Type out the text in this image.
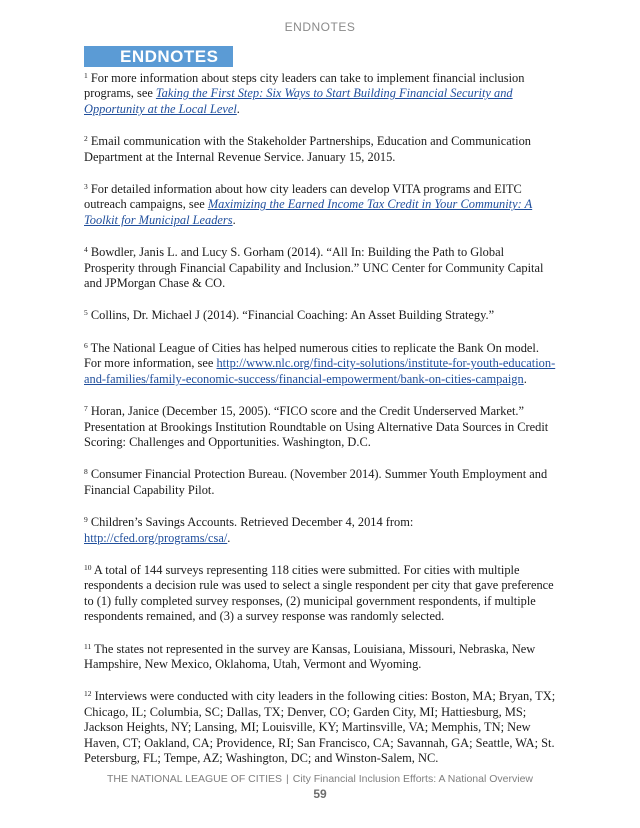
ENDNOTES
ENDNOTES

$^1$ For more information about steps city leaders can take to implement financial inclusion programs, see Taking the First Step: Six Ways to Start Building Financial Security and Opportunity at the Local Level.

$^2$ Email communication with the Stakeholder Partnerships, Education and Communication Department at the Internal Revenue Service. January 15, 2015.

$^3$ For detailed information about how city leaders can develop VITA programs and EITC outreach campaigns, see Maximizing the Earned Income Tax Credit in Your Community: A Toolkit for Municipal Leaders.

$^4$ Bowdler, Janis L. and Lucy S. Gorham (2014). “All In: Building the Path to Global Prosperity through Financial Capability and Inclusion.” UNC Center for Community Capital and JPMorgan Chase & CO.

$^5$ Collins, Dr. Michael J (2014). “Financial Coaching: An Asset Building Strategy.”

$^6$ The National League of Cities has helped numerous cities to replicate the Bank On model. For more information, see http://www.nlc.org/find-city-solutions/institute-for-youth-education-and-families/family-economic-success/financial-empowerment/bank-on-cities-campaign.

$^7$ Horan, Janice (December 15, 2005). “FICO score and the Credit Underserved Market.” Presentation at Brookings Institution Roundtable on Using Alternative Data Sources in Credit Scoring: Challenges and Opportunities. Washington, D.C.

$^8$ Consumer Financial Protection Bureau. (November 2014). Summer Youth Employment and Financial Capability Pilot.

$^9$ Children’s Savings Accounts. Retrieved December 4, 2014 from: http://cfed.org/programs/csa/.

$^{10}$ A total of 144 surveys representing 118 cities were submitted. For cities with multiple respondents a decision rule was used to select a single respondent per city that gave preference to (1) fully completed survey responses, (2) municipal government respondents, if multiple respondents remained, and (3) a survey response was randomly selected.

$^{11}$ The states not represented in the survey are Kansas, Louisiana, Missouri, Nebraska, New Hampshire, New Mexico, Oklahoma, Utah, Vermont and Wyoming.

$^{12}$ Interviews were conducted with city leaders in the following cities: Boston, MA; Bryan, TX; Chicago, IL; Columbia, SC; Dallas, TX; Denver, CO; Garden City, MI; Hattiesburg, MS; Jackson Heights, NY; Lansing, MI; Louisville, KY; Martinsville, VA; Memphis, TN; New Haven, CT; Oakland, CA; Providence, RI; San Francisco, CA; Savannah, GA; Seattle, WA; St. Petersburg, FL; Tempe, AZ; Washington, DC; and Winston-Salem, NC.

THE NATIONAL LEAGUE OF CITIES | City Financial Inclusion Efforts: A National Overview
59
